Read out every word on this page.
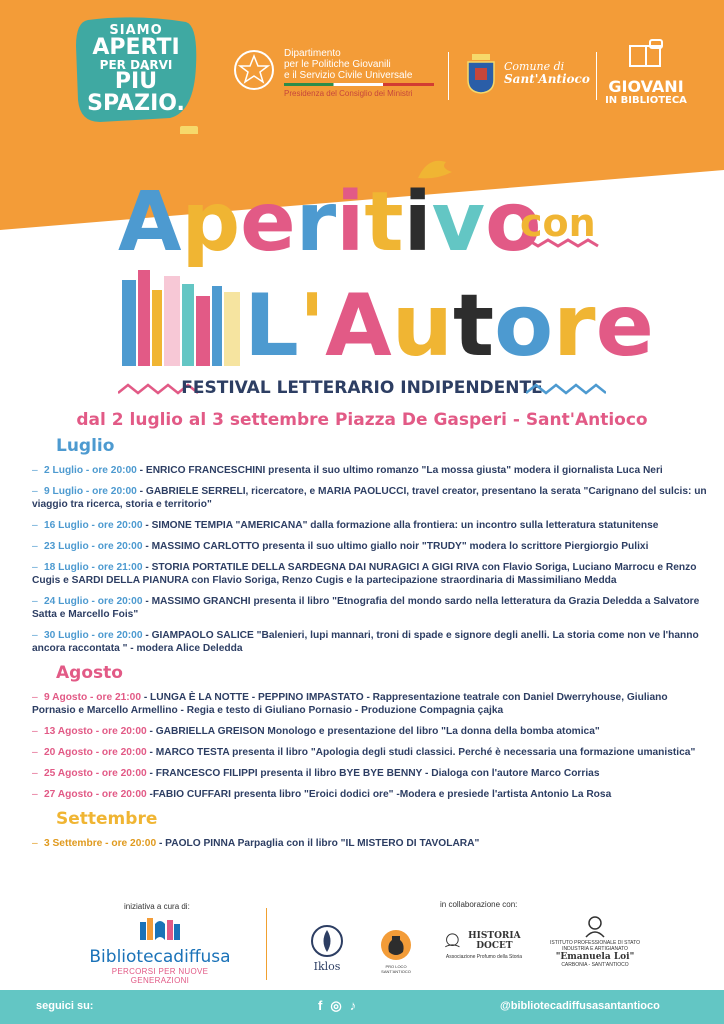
SIAMO
APERTI
PER DARVI
PIÙ SPAZIO.
Dipartimento
per le Politiche Giovanili
e il Servizio Civile Universale
Presidenza del Consiglio dei Ministri
Comune di
Sant'Antioco GIOVANI
IN BIBLIOTECA
Aperitivo
con
L'Autore
FESTIVAL LETTERARIO INDIPENDENTE
dal 2 luglio al 3 settembre Piazza De Gasperi - Sant'Antioco
Luglio
– 2 Luglio - ore 20:00 - ENRICO FRANCESCHINI presenta il suo ultimo romanzo "La mossa giusta" modera il giornalista Luca Neri
– 9 Luglio - ore 20:00 - GABRIELE SERRELI, ricercatore, e MARIA PAOLUCCI, travel creator, presentano la serata "Carignano del sulcis: un viaggio tra ricerca, storia e territorio"
– 16 Luglio - ore 20:00 - SIMONE TEMPIA "AMERICANA" dalla formazione alla frontiera: un incontro sulla letteratura statunitense
– 23 Luglio - ore 20:00 - MASSIMO CARLOTTO presenta il suo ultimo giallo noir "TRUDY" modera lo scrittore Piergiorgio Pulixi
– 18 Luglio - ore 21:00 - STORIA PORTATILE DELLA SARDEGNA DAI NURAGICI A GIGI RIVA con Flavio Soriga, Luciano Marrocu e Renzo Cugis e SARDI DELLA PIANURA con Flavio Soriga, Renzo Cugis e la partecipazione straordinaria di Massimiliano Medda
– 24 Luglio - ore 20:00 - MASSIMO GRANCHI presenta il libro "Etnografia del mondo sardo nella letteratura da Grazia Deledda a Salvatore Satta e Marcello Fois"
– 30 Luglio - ore 20:00 - GIAMPAOLO SALICE "Balenieri, lupi mannari, troni di spade e signore degli anelli. La storia come non ve l'hanno ancora raccontata " - modera Alice Deledda
Agosto
– 9 Agosto - ore 21:00 - LUNGA È LA NOTTE - PEPPINO IMPASTATO - Rappresentazione teatrale con Daniel Dwerryhouse, Giuliano Pornasio e Marcello Armellino - Regia e testo di Giuliano Pornasio - Produzione Compagnia çajka
– 13 Agosto - ore 20:00 - GABRIELLA GREISON Monologo e presentazione del libro "La donna della bomba atomica"
– 20 Agosto - ore 20:00 - MARCO TESTA presenta il libro "Apologia degli studi classici. Perché è necessaria una formazione umanistica"
– 25 Agosto - ore 20:00 - FRANCESCO FILIPPI presenta il libro BYE BYE BENNY - Dialoga con l'autore Marco Corrias
– 27 Agosto - ore 20:00 -FABIO CUFFARI presenta libro "Eroici dodici ore" -Modera e presiede l'artista Antonio La Rosa
Settembre
– 3 Settembre - ore 20:00 - PAOLO PINNA Parpaglia con il libro "IL MISTERO DI TAVOLARA"
iniziativa a cura di:
Bibliotecadiffusa
PERCORSI PER NUOVE GENERAZIONI
in collaborazione con:
Iklos	PRO LOCO SANT'ANTIOCO
HISTORIA DOCET
Associazione Profumo della Storia
ISTITUTO PROFESSIONALE DI STATO
INDUSTRIA E ARTIGIANATO
"Emanuela Loi"
CARBONIA - SANT'ANTIOCO
seguici su:	f ◎ ♪	@bibliotecadiffusasantantioco
